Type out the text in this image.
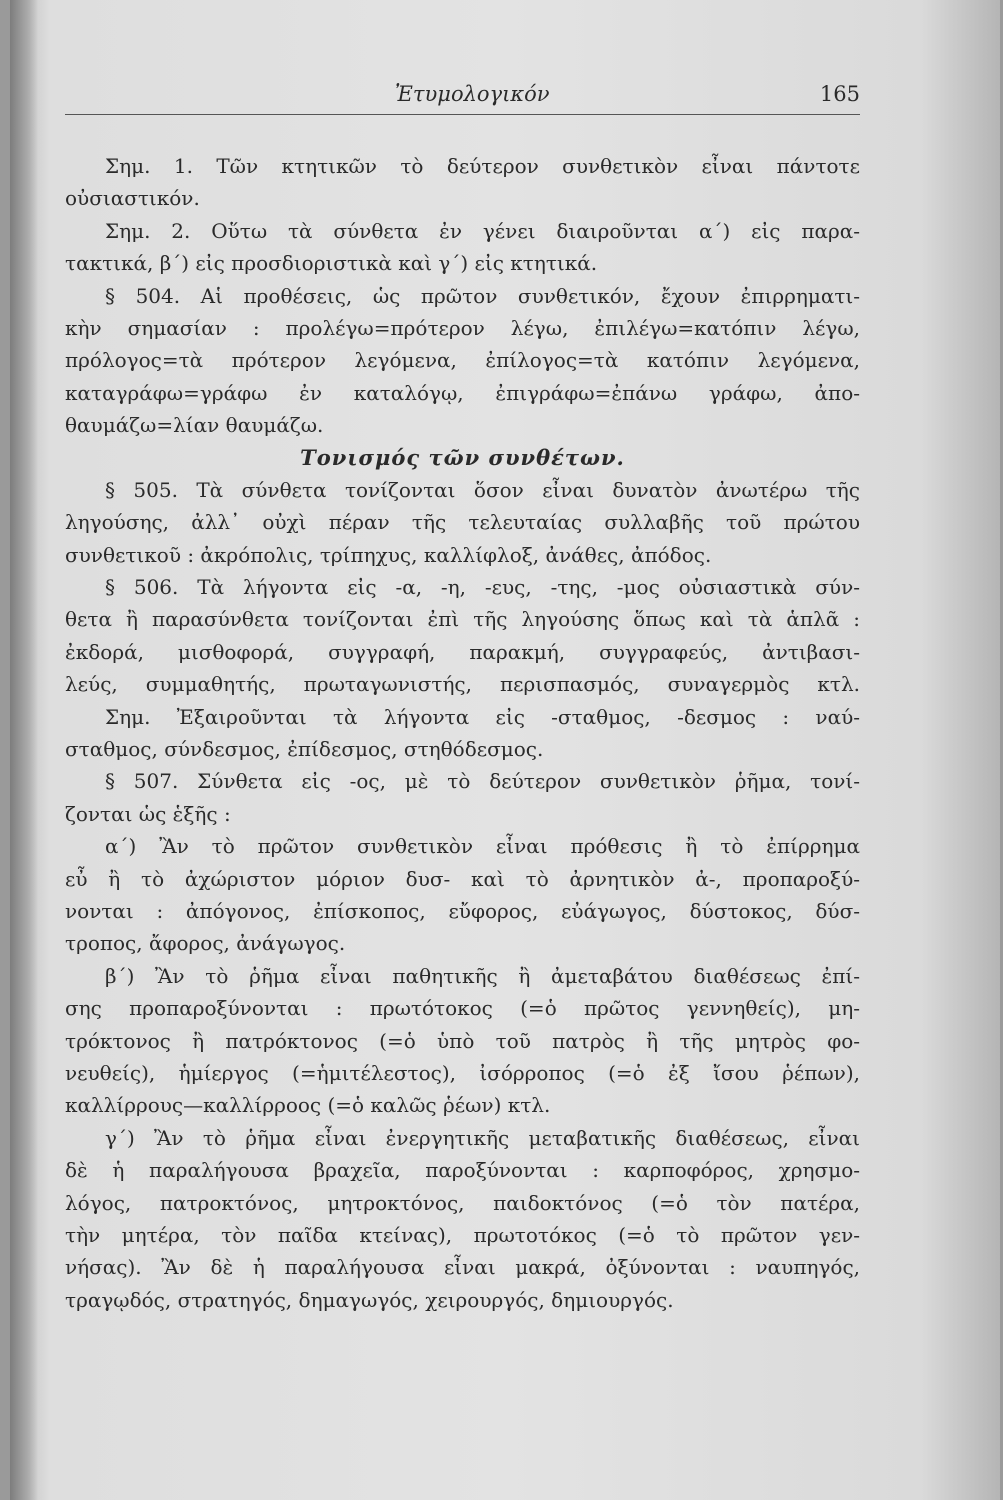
Ἐτυμολογικόν	165
Σημ. 1. Τῶν κτητικῶν τὸ δεύτερον συνθετικὸν εἶναι πάντοτε
οὐσιαστικόν.
Σημ. 2. Οὕτω τὰ σύνθετα ἐν γένει διαιροῦνται α΄) εἰς παρα-
τακτικά, β΄) εἰς προσδιοριστικὰ καὶ γ΄) εἰς κτητικά.
§ 504. Αἱ προθέσεις, ὡς πρῶτον συνθετικόν, ἔχουν ἐπιρρηματι-
κὴν σημασίαν : προλέγω=πρότερον λέγω, ἐπιλέγω=κατόπιν λέγω,
πρόλογος=τὰ πρότερον λεγόμενα, ἐπίλογος=τὰ κατόπιν λεγόμενα,
καταγράφω=γράφω ἐν καταλόγῳ, ἐπιγράφω=ἐπάνω γράφω, ἀπο-
θαυμάζω=λίαν θαυμάζω.
Τονισμός τῶν συνθέτων.
§ 505. Τὰ σύνθετα τονίζονται ὅσον εἶναι δυνατὸν ἀνωτέρω τῆς
ληγούσης, ἀλλ᾽ οὐχὶ πέραν τῆς τελευταίας συλλαβῆς τοῦ πρώτου
συνθετικοῦ : ἀκρόπολις, τρίπηχυς, καλλίφλοξ, ἀνάθες, ἀπόδος.
§ 506. Τὰ λήγοντα εἰς -α, -η, -ευς, -της, -μος οὐσιαστικὰ σύν-
θετα ἢ παρασύνθετα τονίζονται ἐπὶ τῆς ληγούσης ὅπως καὶ τὰ ἁπλᾶ :
ἐκδορά, μισθοφορά, συγγραφή, παρακμή, συγγραφεύς, ἀντιβασι-
λεύς, συμμαθητής, πρωταγωνιστής, περισπασμός, συναγερμὸς κτλ.
Σημ. Ἐξαιροῦνται τὰ λήγοντα εἰς -σταθμος, -δεσμος : ναύ-
σταθμος, σύνδεσμος, ἐπίδεσμος, στηθόδεσμος.
§ 507. Σύνθετα εἰς -ος, μὲ τὸ δεύτερον συνθετικὸν ῥῆμα, τονί-
ζονται ὡς ἑξῆς :
α΄) Ἂν τὸ πρῶτον συνθετικὸν εἶναι πρόθεσις ἢ τὸ ἐπίρρημα
εὖ ἢ τὸ ἀχώριστον μόριον δυσ- καὶ τὸ ἀρνητικὸν ἀ-, προπαροξύ-
νονται : ἀπόγονος, ἐπίσκοπος, εὔφορος, εὐάγωγος, δύστοκος, δύσ-
τροπος, ἄφορος, ἀνάγωγος.
β΄) Ἂν τὸ ῥῆμα εἶναι παθητικῆς ἢ ἀμεταβάτου διαθέσεως ἐπί-
σης προπαροξύνονται : πρωτότοκος (=ὁ πρῶτος γεννηθείς), μη-
τρόκτονος ἢ πατρόκτονος (=ὁ ὑπὸ τοῦ πατρὸς ἢ τῆς μητρὸς φο-
νευθείς), ἡμίεργος (=ἡμιτέλεστος), ἰσόρροπος (=ὁ ἐξ ἴσου ῥέπων),
καλλίρρους—καλλίρροος (=ὁ καλῶς ῥέων) κτλ.
γ΄) Ἂν τὸ ῥῆμα εἶναι ἐνεργητικῆς μεταβατικῆς διαθέσεως, εἶναι
δὲ ἡ παραλήγουσα βραχεῖα, παροξύνονται : καρποφόρος, χρησμο-
λόγος, πατροκτόνος, μητροκτόνος, παιδοκτόνος (=ὁ τὸν πατέρα,
τὴν μητέρα, τὸν παῖδα κτείνας), πρωτοτόκος (=ὁ τὸ πρῶτον γεν-
νήσας). Ἂν δὲ ἡ παραλήγουσα εἶναι μακρά, ὀξύνονται : ναυπηγός,
τραγῳδός, στρατηγός, δημαγωγός, χειρουργός, δημιουργός.
